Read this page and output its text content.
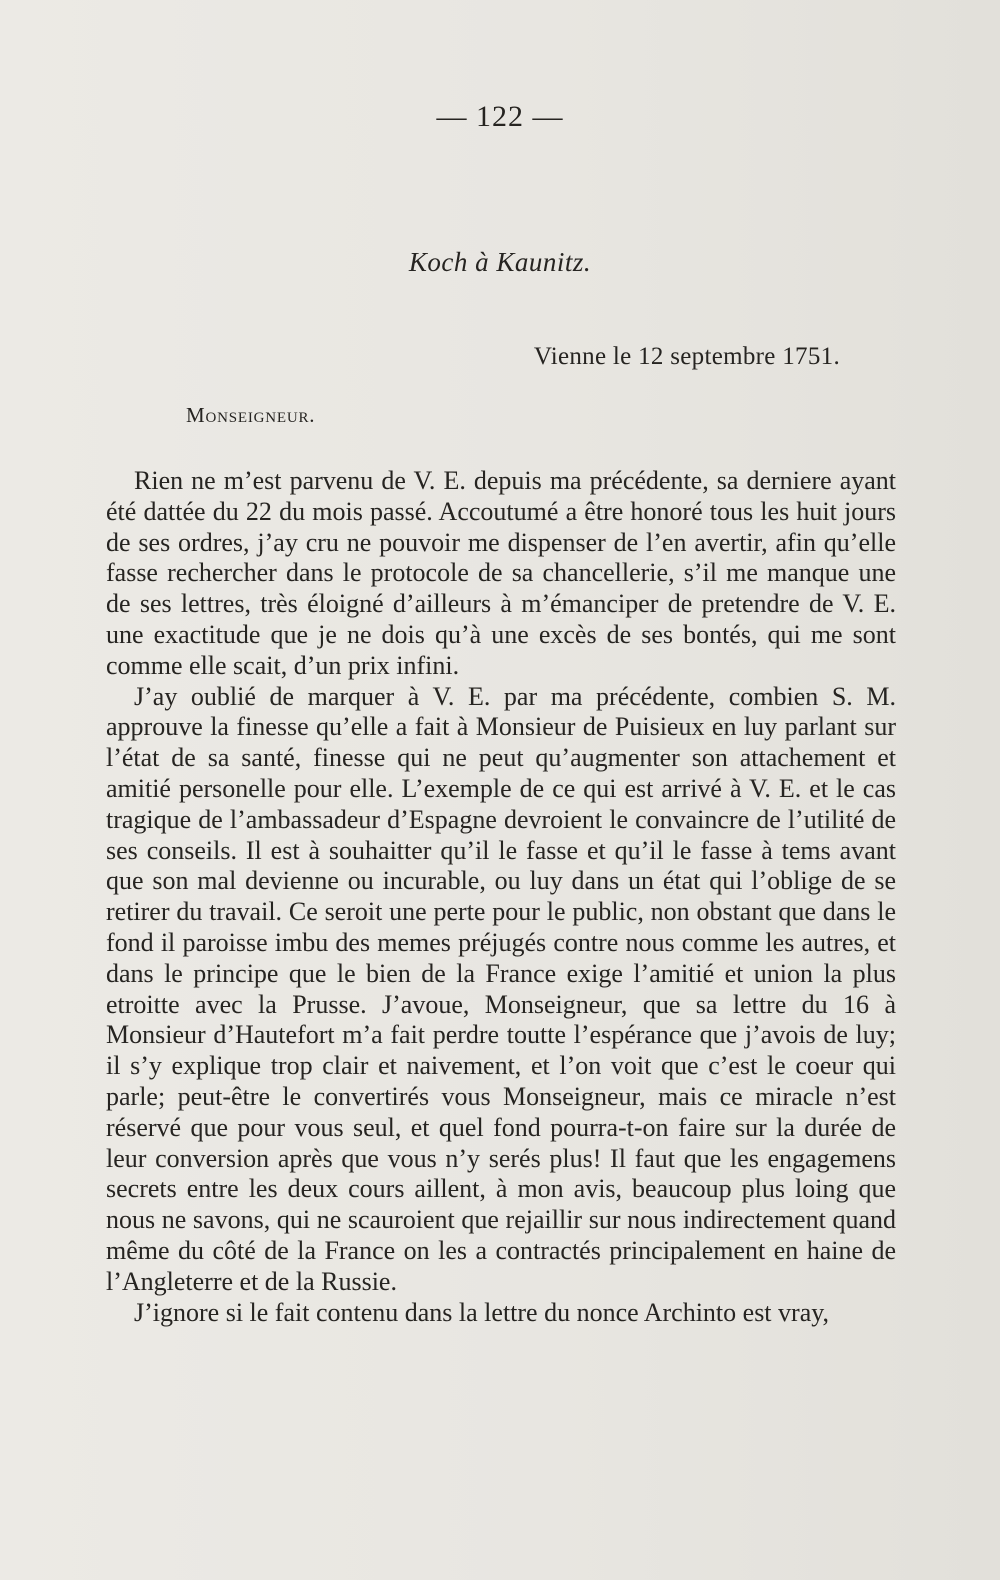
— 122 —
Koch à Kaunitz.
Vienne le 12 septembre 1751.
Monseigneur.

Rien ne m’est parvenu de V. E. depuis ma précédente, sa derniere ayant été dattée du 22 du mois passé. Accoutumé a être honoré tous les huit jours de ses ordres, j’ay cru ne pouvoir me dispenser de l’en avertir, afin qu’elle fasse rechercher dans le protocole de sa chancellerie, s’il me manque une de ses lettres, très éloigné d’ailleurs à m’émanciper de pretendre de V. E. une exactitude que je ne dois qu’à une excès de ses bontés, qui me sont comme elle scait, d’un prix infini.

J’ay oublié de marquer à V. E. par ma précédente, combien S. M. approuve la finesse qu’elle a fait à Monsieur de Puisieux en luy parlant sur l’état de sa santé, finesse qui ne peut qu’augmenter son attachement et amitié personelle pour elle. L’exemple de ce qui est arrivé à V. E. et le cas tragique de l’ambassadeur d’Espagne devroient le convaincre de l’utilité de ses conseils. Il est à souhaitter qu’il le fasse et qu’il le fasse à tems avant que son mal devienne ou incurable, ou luy dans un état qui l’oblige de se retirer du travail. Ce seroit une perte pour le public, non obstant que dans le fond il paroisse imbu des memes préjugés contre nous comme les autres, et dans le principe que le bien de la France exige l’amitié et union la plus etroitte avec la Prusse. J’avoue, Monseigneur, que sa lettre du 16 à Monsieur d’Hautefort m’a fait perdre toutte l’espérance que j’avois de luy; il s’y explique trop clair et naivement, et l’on voit que c’est le coeur qui parle; peut-être le convertirés vous Monseigneur, mais ce miracle n’est réservé que pour vous seul, et quel fond pourra-t-on faire sur la durée de leur conversion après que vous n’y serés plus! Il faut que les engagemens secrets entre les deux cours aillent, à mon avis, beaucoup plus loing que nous ne savons, qui ne scauroient que rejaillir sur nous indirectement quand même du côté de la France on les a contractés principalement en haine de l’Angleterre et de la Russie.

J’ignore si le fait contenu dans la lettre du nonce Archinto est vray,
